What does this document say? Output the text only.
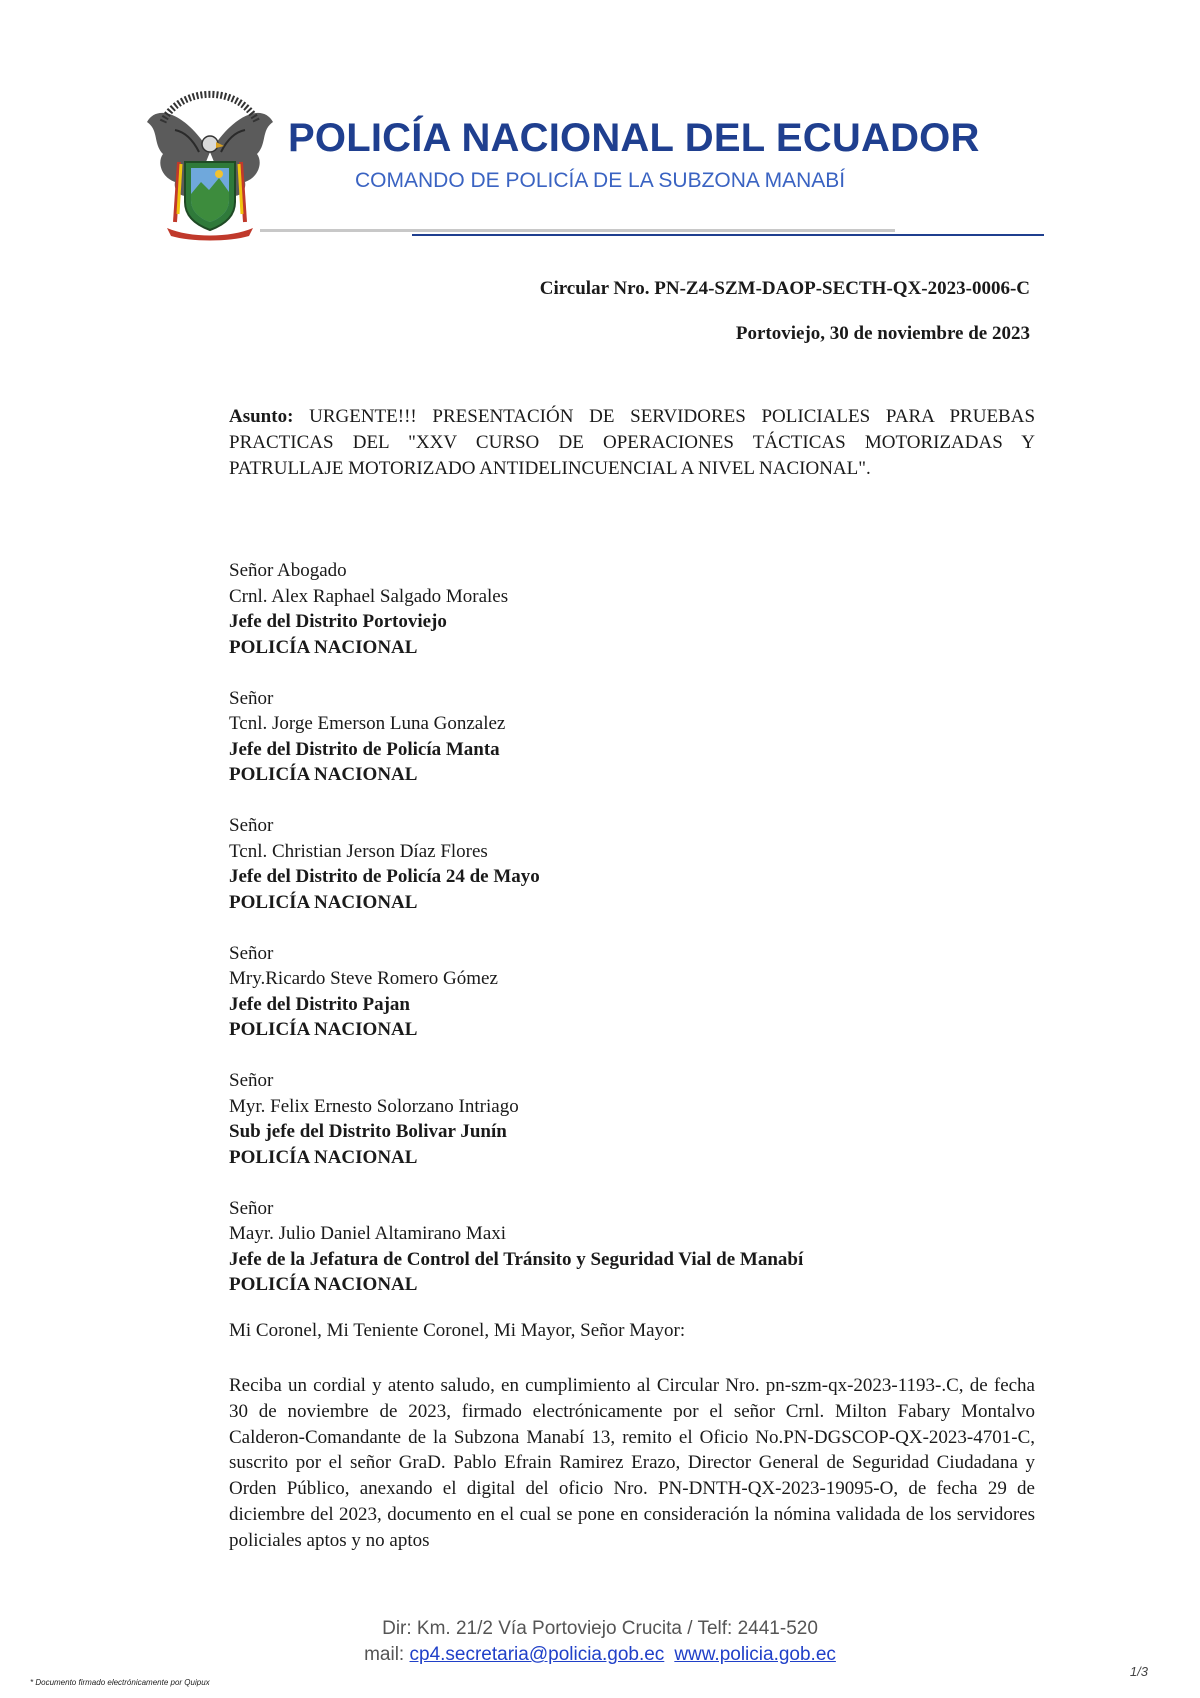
POLICÍA NACIONAL DEL ECUADOR
COMANDO DE POLICÍA DE LA SUBZONA MANABÍ
Circular Nro. PN-Z4-SZM-DAOP-SECTH-QX-2023-0006-C
Portoviejo, 30 de noviembre de 2023
Asunto: URGENTE!!! PRESENTACIÓN DE SERVIDORES POLICIALES PARA PRUEBAS PRACTICAS DEL "XXV CURSO DE OPERACIONES TÁCTICAS MOTORIZADAS Y PATRULLAJE MOTORIZADO ANTIDELINCUENCIAL A NIVEL NACIONAL".
Señor Abogado
Crnl. Alex Raphael Salgado Morales
Jefe del Distrito Portoviejo
POLICÍA NACIONAL
Señor
Tcnl. Jorge Emerson Luna Gonzalez
Jefe del Distrito de Policía Manta
POLICÍA NACIONAL
Señor
Tcnl. Christian Jerson Díaz Flores
Jefe del Distrito de Policía 24 de Mayo
POLICÍA NACIONAL
Señor
Mry.Ricardo Steve Romero Gómez
Jefe del Distrito Pajan
POLICÍA NACIONAL
Señor
Myr. Felix Ernesto Solorzano Intriago
Sub jefe del Distrito Bolivar Junín
POLICÍA NACIONAL
Señor
Mayr. Julio Daniel Altamirano Maxi
Jefe de la Jefatura de Control del Tránsito y Seguridad Vial de Manabí
POLICÍA NACIONAL
Mi Coronel, Mi Teniente Coronel, Mi Mayor, Señor Mayor:
Reciba un cordial y atento saludo, en cumplimiento al Circular Nro. pn-szm-qx-2023-1193-.C, de fecha 30 de noviembre de 2023, firmado electrónicamente por el señor Crnl. Milton Fabary Montalvo Calderon-Comandante de la Subzona Manabí 13, remito el Oficio No.PN-DGSCOP-QX-2023-4701-C, suscrito por el señor GraD. Pablo Efrain Ramirez Erazo, Director General de Seguridad Ciudadana y Orden Público, anexando el digital del oficio Nro. PN-DNTH-QX-2023-19095-O, de fecha 29 de diciembre del 2023, documento en el cual se pone en consideración la nómina validada de los servidores policiales aptos y no aptos
Dir: Km. 21/2 Vía Portoviejo Crucita / Telf: 2441-520
mail: cp4.secretaria@policia.gob.ec www.policia.gob.ec
* Documento firmado electrónicamente por Quipux
1/3
